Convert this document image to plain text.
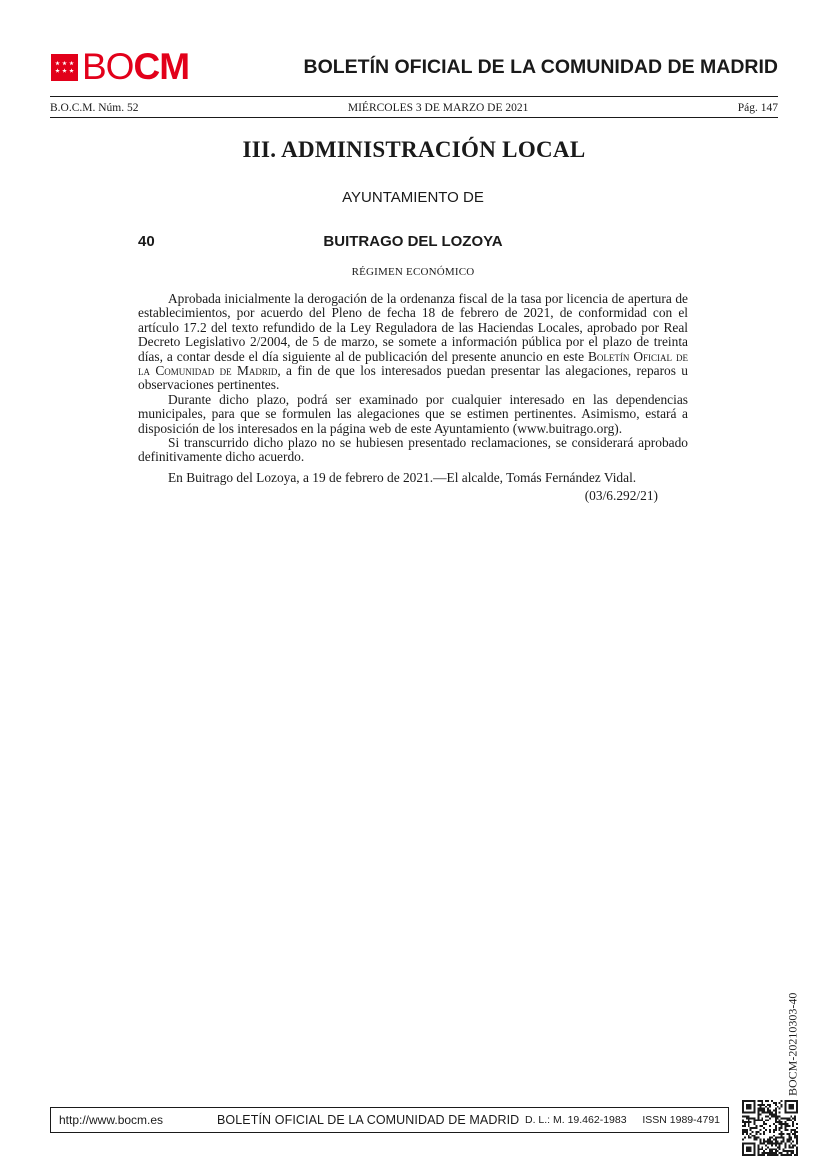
BOCM	BOLETÍN OFICIAL DE LA COMUNIDAD DE MADRID
B.O.C.M. Núm. 52	MIÉRCOLES 3 DE MARZO DE 2021	Pág. 147
III. ADMINISTRACIÓN LOCAL
AYUNTAMIENTO DE
40	BUITRAGO DEL LOZOYA
RÉGIMEN ECONÓMICO

Aprobada inicialmente la derogación de la ordenanza fiscal de la tasa por licencia de apertura de establecimientos, por acuerdo del Pleno de fecha 18 de febrero de 2021, de conformidad con el artículo 17.2 del texto refundido de la Ley Reguladora de las Haciendas Locales, aprobado por Real Decreto Legislativo 2/2004, de 5 de marzo, se somete a información pública por el plazo de treinta días, a contar desde el día siguiente al de publicación del presente anuncio en este Boletín Oficial de la Comunidad de Madrid, a fin de que los interesados puedan presentar las alegaciones, reparos u observaciones pertinentes.

Durante dicho plazo, podrá ser examinado por cualquier interesado en las dependencias municipales, para que se formulen las alegaciones que se estimen pertinentes. Asimismo, estará a disposición de los interesados en la página web de este Ayuntamiento (www.buitrago.org).

Si transcurrido dicho plazo no se hubiesen presentado reclamaciones, se considerará aprobado definitivamente dicho acuerdo.

En Buitrago del Lozoya, a 19 de febrero de 2021.—El alcalde, Tomás Fernández Vidal.

(03/6.292/21)
BOCM-20210303-40
http://www.bocm.es	BOLETÍN OFICIAL DE LA COMUNIDAD DE MADRID D. L.: M. 19.462-1983	ISSN 1989-4791
